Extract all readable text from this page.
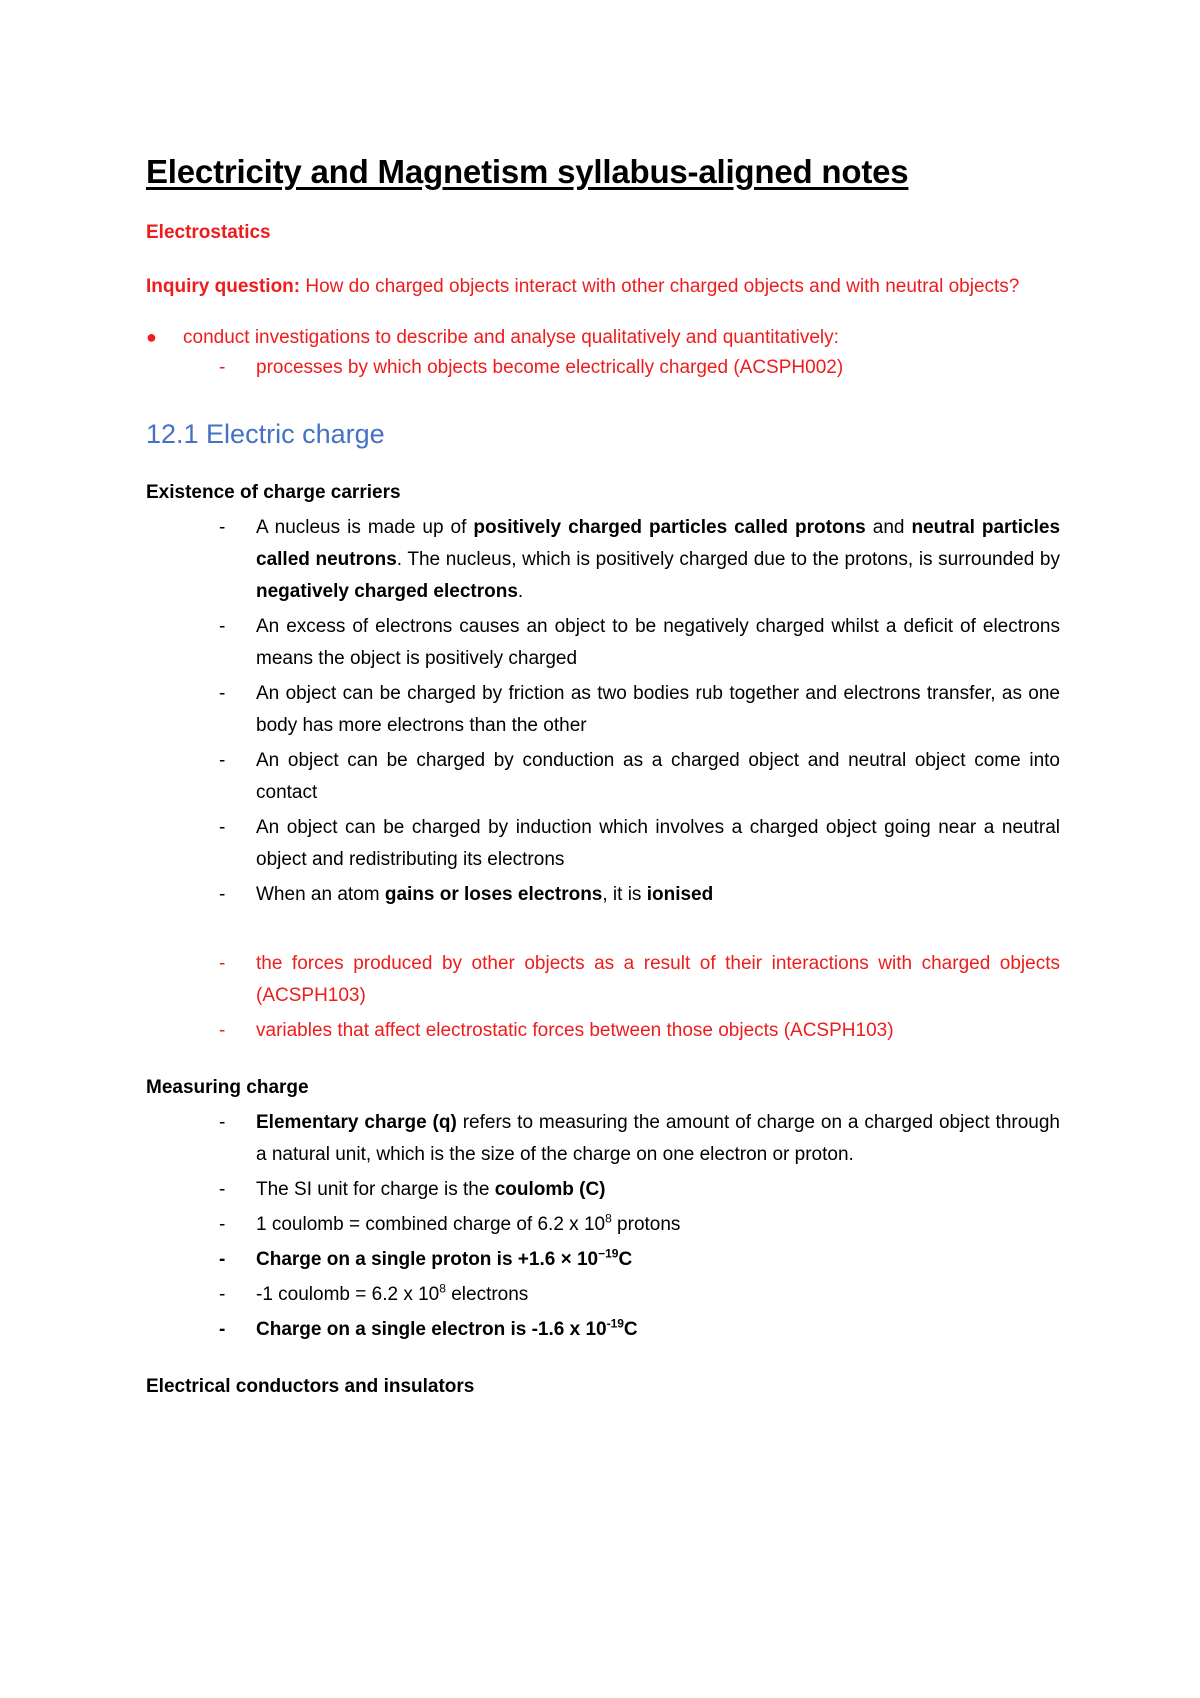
Electricity and Magnetism syllabus-aligned notes
Electrostatics
Inquiry question: How do charged objects interact with other charged objects and with neutral objects?
● conduct investigations to describe and analyse qualitatively and quantitatively:
- processes by which objects become electrically charged (ACSPH002)
12.1 Electric charge
Existence of charge carriers
- A nucleus is made up of positively charged particles called protons and neutral particles called neutrons. The nucleus, which is positively charged due to the protons, is surrounded by negatively charged electrons.
- An excess of electrons causes an object to be negatively charged whilst a deficit of electrons means the object is positively charged
- An object can be charged by friction as two bodies rub together and electrons transfer, as one body has more electrons than the other
- An object can be charged by conduction as a charged object and neutral object come into contact
- An object can be charged by induction which involves a charged object going near a neutral object and redistributing its electrons
- When an atom gains or loses electrons, it is ionised
- the forces produced by other objects as a result of their interactions with charged objects (ACSPH103)
- variables that affect electrostatic forces between those objects (ACSPH103)
Measuring charge
- Elementary charge (q) refers to measuring the amount of charge on a charged object through a natural unit, which is the size of the charge on one electron or proton.
- The SI unit for charge is the coulomb (C)
- 1 coulomb = combined charge of 6.2 x $10^8$ protons
- Charge on a single proton is $+1.6 \times 10^{-19}C$
- -1 coulomb = 6.2 x $10^8$ electrons
- Charge on a single electron is -1.6 x $10^{-19}C$
Electrical conductors and insulators
